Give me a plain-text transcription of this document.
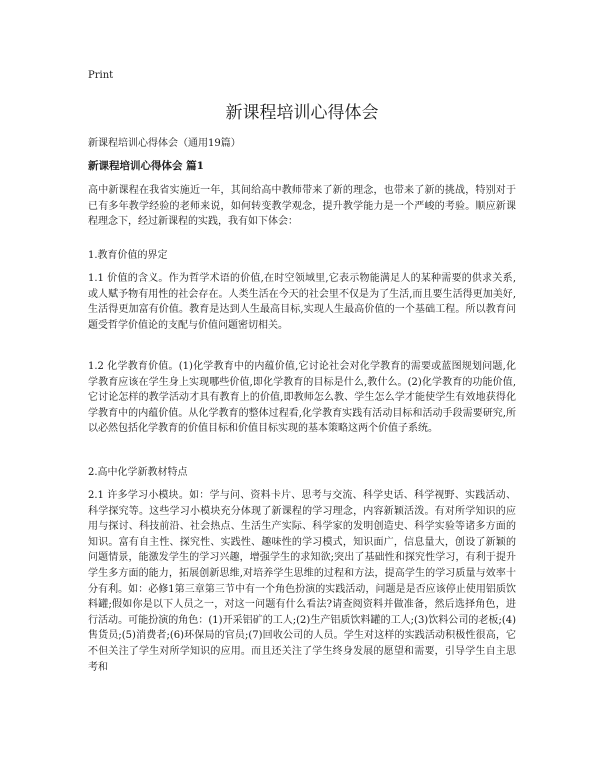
Print
新课程培训心得体会

新课程培训心得体会（通用19篇）

新课程培训心得体会 篇1

高中新课程在我省实施近一年，其间给高中教师带来了新的理念，也带来了新的挑战，特别对于已有多年教学经验的老师来说，如何转变教学观念，提升教学能力是一个严峻的考验。顺应新课程理念下，经过新课程的实践，我有如下体会：

1.教育价值的界定

1.1 价值的含义。作为哲学术语的价值,在时空领域里,它表示物能满足人的某种需要的供求关系,或人赋予物有用性的社会存在。人类生活在今天的社会里不仅是为了生活,而且要生活得更加美好,生活得更加富有价值。教育是达到人生最高目标,实现人生最高价值的一个基础工程。所以教育问题受哲学价值论的支配与价值问题密切相关。

1.2 化学教育价值。(1)化学教育中的内蕴价值,它讨论社会对化学教育的需要或蓝图规划问题,化学教育应该在学生身上实现哪些价值,即化学教育的目标是什么,教什么。(2)化学教育的功能价值,它讨论怎样的教学活动才具有教育上的价值,即教师怎么教、学生怎么学才能使学生有效地获得化学教育中的内蕴价值。从化学教育的整体过程看,化学教育实践有活动目标和活动手段需要研究,所以必然包括化学教育的价值目标和价值目标实现的基本策略这两个价值子系统。

2.高中化学新教材特点

2.1 许多学习小模块。如：学与问、资料卡片、思考与交流、科学史话、科学视野、实践活动、科学探究等。这些学习小模块充分体现了新课程的学习理念，内容新颖活泼。有对所学知识的应用与探讨、科技前沿、社会热点、生活生产实际、科学家的发明创造史、科学实验等诸多方面的知识。富有自主性、探究性、实践性、趣味性的学习模式，知识面广，信息量大，创设了新颖的问题情景，能激发学生的学习兴趣，增强学生的求知欲;突出了基础性和探究性学习，有利于提升学生多方面的能力，拓展创新思维,对培养学生思维的过程和方法，提高学生的学习质量与效率十分有利。如：必修1第三章第三节中有一个角色扮演的实践活动，问题是是否应该停止使用铝质饮料罐;假如你是以下人员之一，对这一问题有什么看法?请查阅资料并做准备，然后选择角色，进行活动。可能扮演的角色：(1)开采铝矿的工人;(2)生产铝质饮料罐的工人;(3)饮料公司的老板;(4)售货员;(5)消费者;(6)环保局的官员;(7)回收公司的人员。学生对这样的实践活动积极性很高，它不但关注了学生对所学知识的应用。而且还关注了学生终身发展的愿望和需要，引导学生自主思考和
